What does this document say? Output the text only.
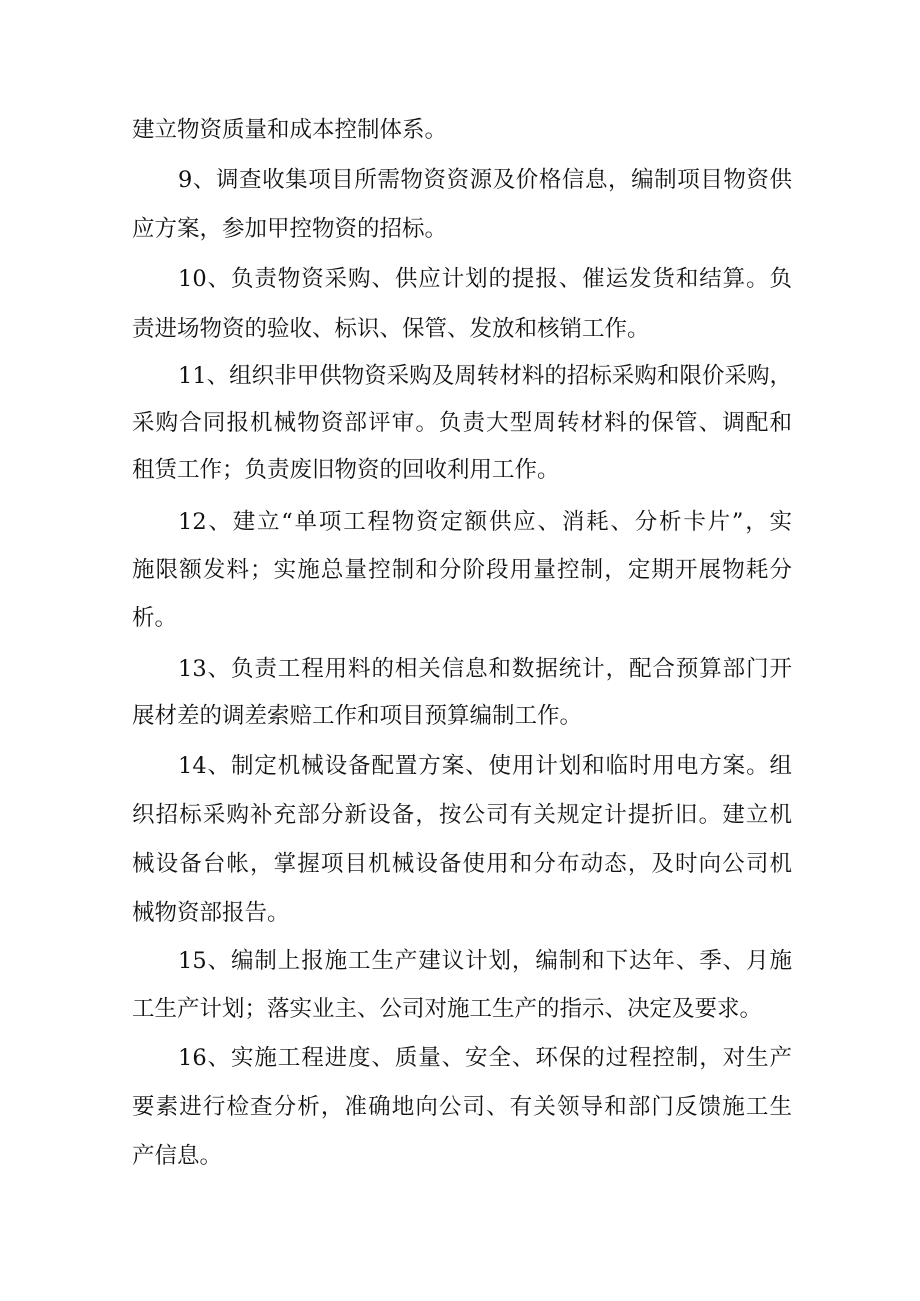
建立物资质量和成本控制体系。
9、调查收集项目所需物资资源及价格信息，编制项目物资供
应方案，参加甲控物资的招标。
10、负责物资采购、供应计划的提报、催运发货和结算。负
责进场物资的验收、标识、保管、发放和核销工作。
11、组织非甲供物资采购及周转材料的招标采购和限价采购，
采购合同报机械物资部评审。负责大型周转材料的保管、调配和
租赁工作；负责废旧物资的回收利用工作。
12、建立“单项工程物资定额供应、消耗、分析卡片”，实
施限额发料；实施总量控制和分阶段用量控制，定期开展物耗分
析。
13、负责工程用料的相关信息和数据统计，配合预算部门开
展材差的调差索赔工作和项目预算编制工作。
14、制定机械设备配置方案、使用计划和临时用电方案。组
织招标采购补充部分新设备，按公司有关规定计提折旧。建立机
械设备台帐，掌握项目机械设备使用和分布动态，及时向公司机
械物资部报告。
15、编制上报施工生产建议计划，编制和下达年、季、月施
工生产计划；落实业主、公司对施工生产的指示、决定及要求。
16、实施工程进度、质量、安全、环保的过程控制，对生产
要素进行检查分析，准确地向公司、有关领导和部门反馈施工生
产信息。
